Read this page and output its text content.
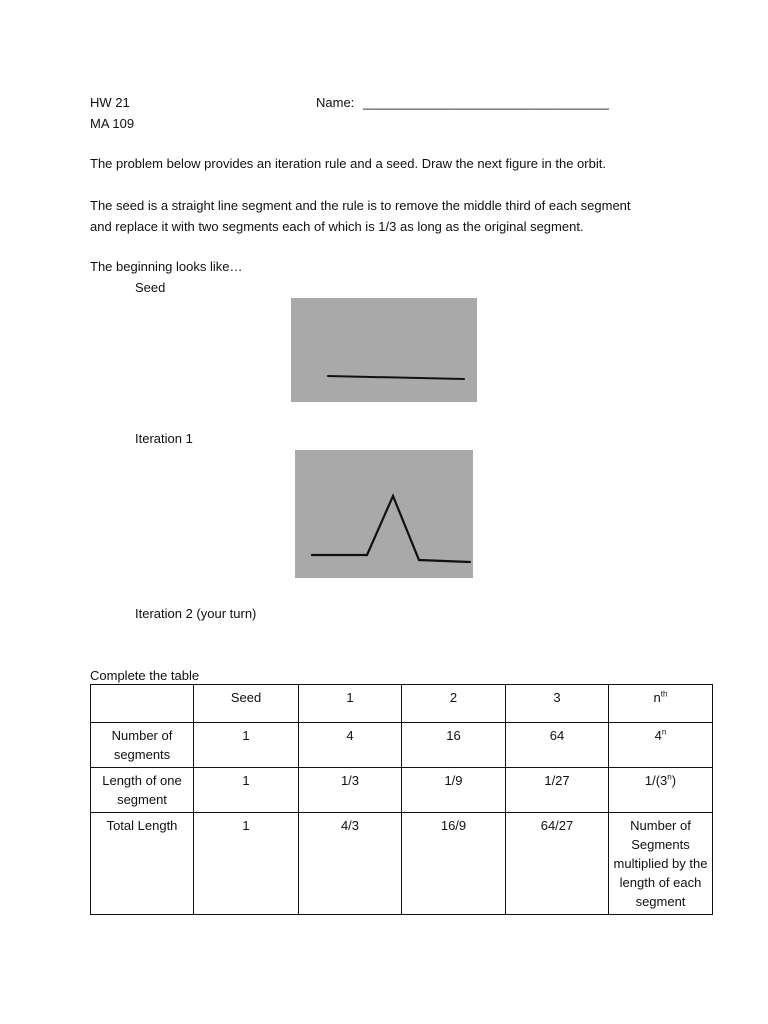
HW 21
MA 109
Name: __________________________________
The problem below provides an iteration rule and a seed. Draw the next figure in the orbit.
The seed is a straight line segment and the rule is to remove the middle third of each segment
and replace it with two segments each of which is 1/3 as long as the original segment.
The beginning looks like…
Seed
Iteration 1
Iteration 2 (your turn)
Complete the table
	Seed	1	2	3	$n^{th}$
Number of segments	1	4	16	64	4$^n$
Length of one segment	1	1/3	1/9	1/27	1/(3$^n$)
Total Length	1	4/3	16/9	64/27	Number of Segments multiplied by the length of each segment
